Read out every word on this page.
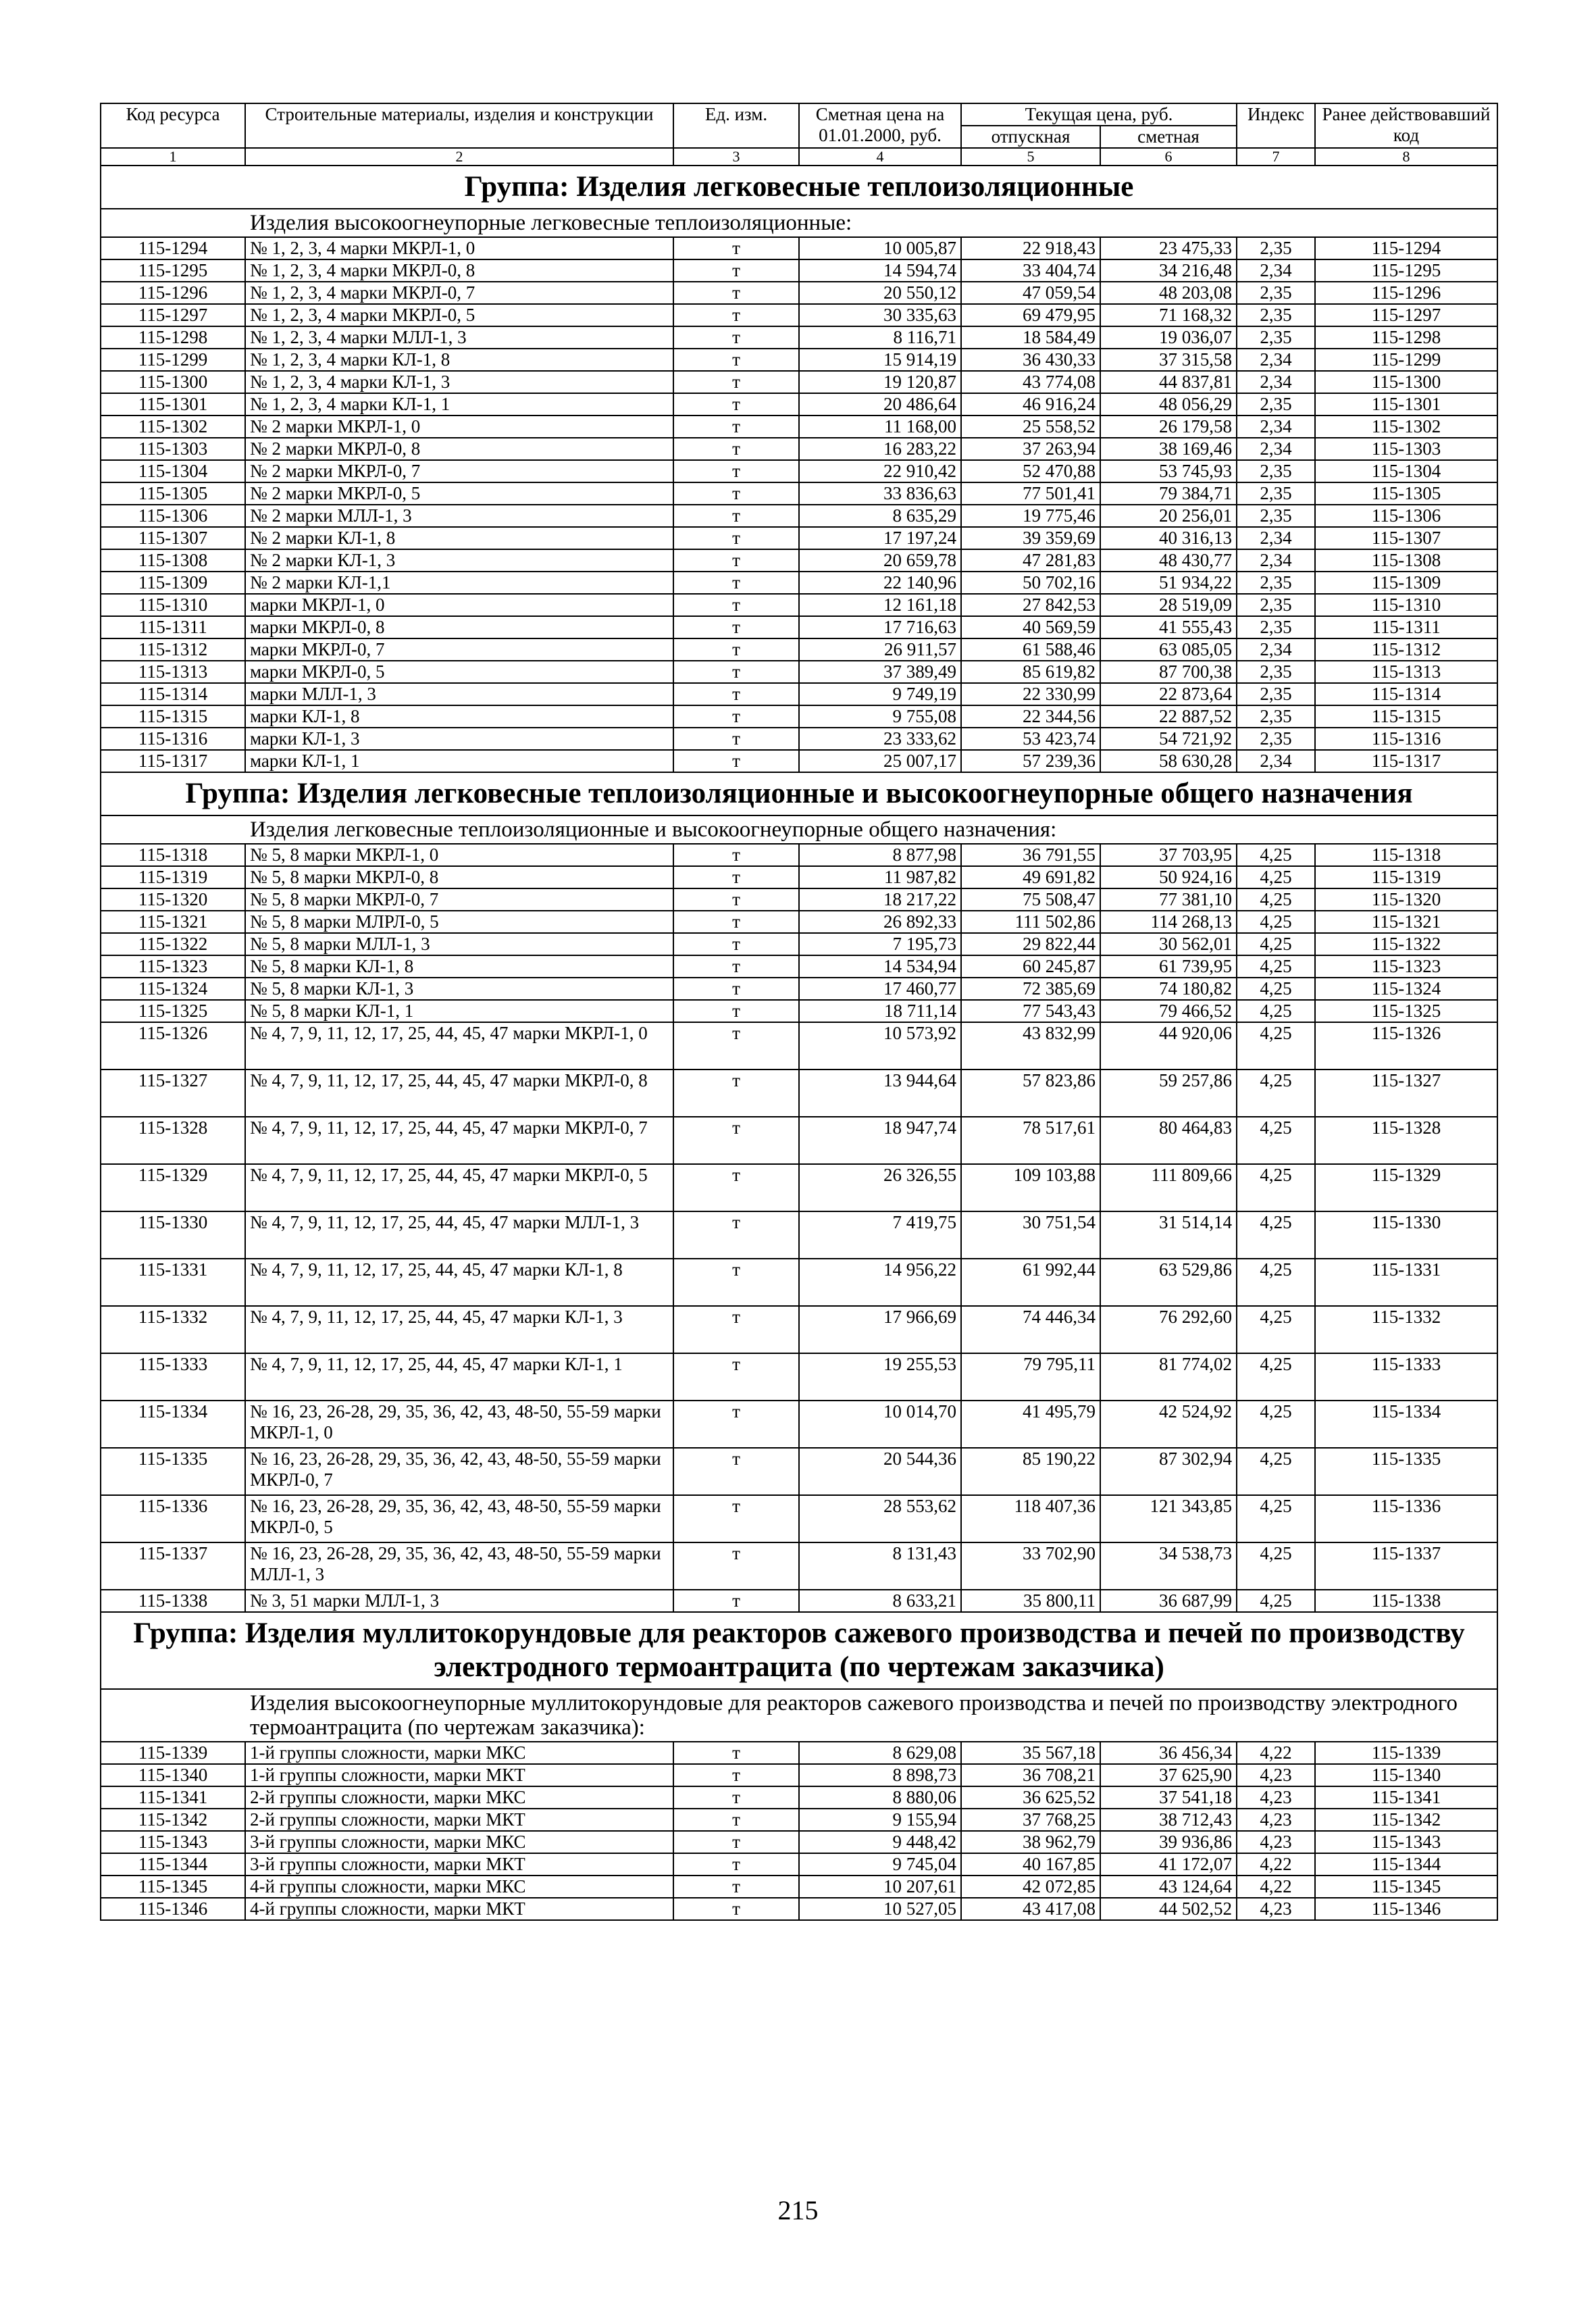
Код ресурса	Строительные материалы, изделия и конструкции	Ед. изм.	Сметная цена на 01.01.2000, руб.	Текущая цена, руб.		Индекс	Ранее действовавший код
				отпускная	сметная		
1	2	3	4	5	6	7	8
Группа: Изделия легковесные теплоизоляционные							
Изделия высокоогнеупорные легковесные теплоизоляционные:							
115-1294	№ 1, 2, 3, 4 марки МКРЛ-1, 0	т	10 005,87	22 918,43	23 475,33	2,35	115-1294
115-1295	№ 1, 2, 3, 4 марки МКРЛ-0, 8	т	14 594,74	33 404,74	34 216,48	2,34	115-1295
115-1296	№ 1, 2, 3, 4 марки МКРЛ-0, 7	т	20 550,12	47 059,54	48 203,08	2,35	115-1296
115-1297	№ 1, 2, 3, 4 марки МКРЛ-0, 5	т	30 335,63	69 479,95	71 168,32	2,35	115-1297
115-1298	№ 1, 2, 3, 4 марки МЛЛ-1, 3	т	8 116,71	18 584,49	19 036,07	2,35	115-1298
115-1299	№ 1, 2, 3, 4 марки КЛ-1, 8	т	15 914,19	36 430,33	37 315,58	2,34	115-1299
115-1300	№ 1, 2, 3, 4 марки КЛ-1, 3	т	19 120,87	43 774,08	44 837,81	2,34	115-1300
115-1301	№ 1, 2, 3, 4 марки КЛ-1, 1	т	20 486,64	46 916,24	48 056,29	2,35	115-1301
115-1302	№ 2 марки МКРЛ-1, 0	т	11 168,00	25 558,52	26 179,58	2,34	115-1302
115-1303	№ 2 марки МКРЛ-0, 8	т	16 283,22	37 263,94	38 169,46	2,34	115-1303
115-1304	№ 2 марки МКРЛ-0, 7	т	22 910,42	52 470,88	53 745,93	2,35	115-1304
115-1305	№ 2 марки МКРЛ-0, 5	т	33 836,63	77 501,41	79 384,71	2,35	115-1305
115-1306	№ 2 марки МЛЛ-1, 3	т	8 635,29	19 775,46	20 256,01	2,35	115-1306
115-1307	№ 2 марки КЛ-1, 8	т	17 197,24	39 359,69	40 316,13	2,34	115-1307
115-1308	№ 2 марки КЛ-1, 3	т	20 659,78	47 281,83	48 430,77	2,34	115-1308
115-1309	№ 2 марки КЛ-1,1	т	22 140,96	50 702,16	51 934,22	2,35	115-1309
115-1310	марки МКРЛ-1, 0	т	12 161,18	27 842,53	28 519,09	2,35	115-1310
115-1311	марки МКРЛ-0, 8	т	17 716,63	40 569,59	41 555,43	2,35	115-1311
115-1312	марки МКРЛ-0, 7	т	26 911,57	61 588,46	63 085,05	2,34	115-1312
115-1313	марки МКРЛ-0, 5	т	37 389,49	85 619,82	87 700,38	2,35	115-1313
115-1314	марки МЛЛ-1, 3	т	9 749,19	22 330,99	22 873,64	2,35	115-1314
115-1315	марки КЛ-1, 8	т	9 755,08	22 344,56	22 887,52	2,35	115-1315
115-1316	марки КЛ-1, 3	т	23 333,62	53 423,74	54 721,92	2,35	115-1316
115-1317	марки КЛ-1, 1	т	25 007,17	57 239,36	58 630,28	2,34	115-1317
Группа: Изделия легковесные теплоизоляционные и высокоогнеупорные общего назначения							
Изделия легковесные теплоизоляционные и высокоогнеупорные общего назначения:							
115-1318	№ 5, 8 марки МКРЛ-1, 0	т	8 877,98	36 791,55	37 703,95	4,25	115-1318
115-1319	№ 5, 8 марки МКРЛ-0, 8	т	11 987,82	49 691,82	50 924,16	4,25	115-1319
115-1320	№ 5, 8 марки МКРЛ-0, 7	т	18 217,22	75 508,47	77 381,10	4,25	115-1320
115-1321	№ 5, 8 марки МЛРЛ-0, 5	т	26 892,33	111 502,86	114 268,13	4,25	115-1321
115-1322	№ 5, 8 марки МЛЛ-1, 3	т	7 195,73	29 822,44	30 562,01	4,25	115-1322
115-1323	№ 5, 8 марки КЛ-1, 8	т	14 534,94	60 245,87	61 739,95	4,25	115-1323
115-1324	№ 5, 8 марки КЛ-1, 3	т	17 460,77	72 385,69	74 180,82	4,25	115-1324
115-1325	№ 5, 8 марки КЛ-1, 1	т	18 711,14	77 543,43	79 466,52	4,25	115-1325
115-1326	№ 4, 7, 9, 11, 12, 17, 25, 44, 45, 47 марки МКРЛ-1, 0	т	10 573,92	43 832,99	44 920,06	4,25	115-1326
115-1327	№ 4, 7, 9, 11, 12, 17, 25, 44, 45, 47 марки МКРЛ-0, 8	т	13 944,64	57 823,86	59 257,86	4,25	115-1327
115-1328	№ 4, 7, 9, 11, 12, 17, 25, 44, 45, 47 марки МКРЛ-0, 7	т	18 947,74	78 517,61	80 464,83	4,25	115-1328
115-1329	№ 4, 7, 9, 11, 12, 17, 25, 44, 45, 47 марки МКРЛ-0, 5	т	26 326,55	109 103,88	111 809,66	4,25	115-1329
115-1330	№ 4, 7, 9, 11, 12, 17, 25, 44, 45, 47 марки МЛЛ-1, 3	т	7 419,75	30 751,54	31 514,14	4,25	115-1330
115-1331	№ 4, 7, 9, 11, 12, 17, 25, 44, 45, 47 марки КЛ-1, 8	т	14 956,22	61 992,44	63 529,86	4,25	115-1331
115-1332	№ 4, 7, 9, 11, 12, 17, 25, 44, 45, 47 марки КЛ-1, 3	т	17 966,69	74 446,34	76 292,60	4,25	115-1332
115-1333	№ 4, 7, 9, 11, 12, 17, 25, 44, 45, 47 марки КЛ-1, 1	т	19 255,53	79 795,11	81 774,02	4,25	115-1333
115-1334	№ 16, 23, 26-28, 29, 35, 36, 42, 43, 48-50, 55-59 марки МКРЛ-1, 0	т	10 014,70	41 495,79	42 524,92	4,25	115-1334
115-1335	№ 16, 23, 26-28, 29, 35, 36, 42, 43, 48-50, 55-59 марки МКРЛ-0, 7	т	20 544,36	85 190,22	87 302,94	4,25	115-1335
115-1336	№ 16, 23, 26-28, 29, 35, 36, 42, 43, 48-50, 55-59 марки МКРЛ-0, 5	т	28 553,62	118 407,36	121 343,85	4,25	115-1336
115-1337	№ 16, 23, 26-28, 29, 35, 36, 42, 43, 48-50, 55-59 марки МЛЛ-1, 3	т	8 131,43	33 702,90	34 538,73	4,25	115-1337
115-1338	№ 3, 51 марки МЛЛ-1, 3	т	8 633,21	35 800,11	36 687,99	4,25	115-1338
Группа: Изделия муллитокорундовые для реакторов сажевого производства и печей по производству электродного термоантрацита (по чертежам заказчика)							
Изделия высокоогнеупорные муллитокорундовые для реакторов сажевого производства и печей по производству электродного термоантрацита (по чертежам заказчика):							
115-1339	1-й группы сложности, марки МКС	т	8 629,08	35 567,18	36 456,34	4,22	115-1339
115-1340	1-й группы сложности, марки МКТ	т	8 898,73	36 708,21	37 625,90	4,23	115-1340
115-1341	2-й группы сложности, марки МКС	т	8 880,06	36 625,52	37 541,18	4,23	115-1341
115-1342	2-й группы сложности, марки МКТ	т	9 155,94	37 768,25	38 712,43	4,23	115-1342
115-1343	3-й группы сложности, марки МКС	т	9 448,42	38 962,79	39 936,86	4,23	115-1343
115-1344	3-й группы сложности, марки МКТ	т	9 745,04	40 167,85	41 172,07	4,22	115-1344
115-1345	4-й группы сложности, марки МКС	т	10 207,61	42 072,85	43 124,64	4,22	115-1345
115-1346	4-й группы сложности, марки МКТ	т	10 527,05	43 417,08	44 502,52	4,23	115-1346
215
